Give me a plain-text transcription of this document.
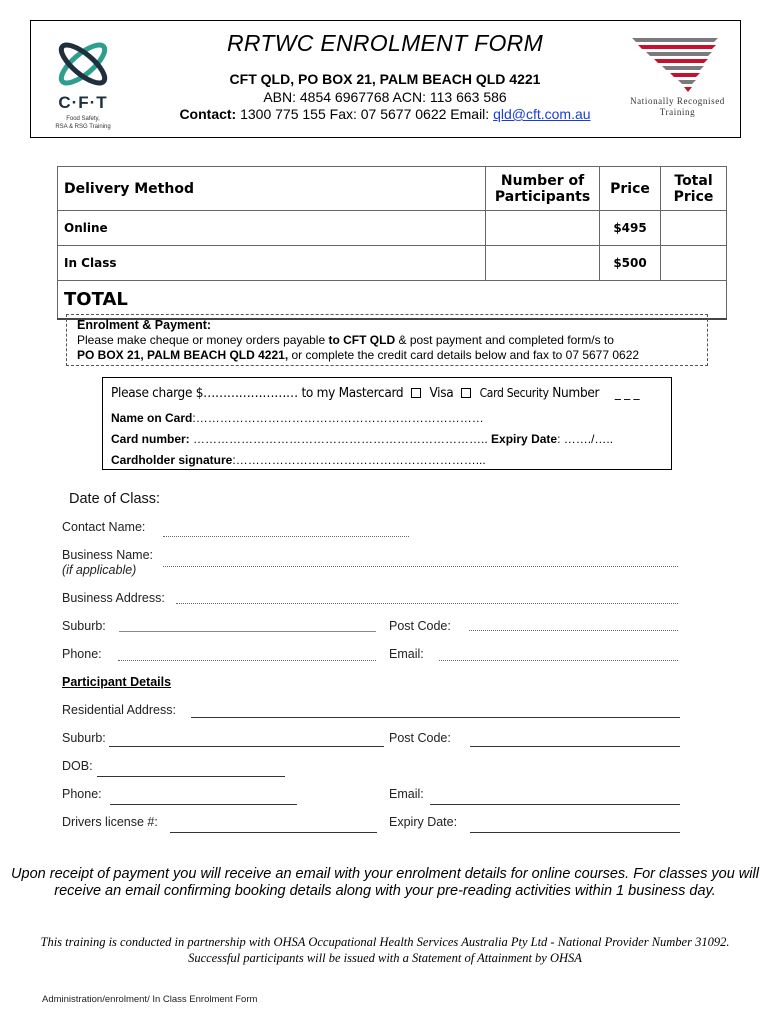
C·F·T
Food Safety,
RSA & RSG Training
RRTWC ENROLMENT FORM
CFT QLD, PO BOX 21, PALM BEACH QLD 4221
ABN: 4854 6967768 ACN: 113 663 586
Contact: 1300 775 155 Fax: 07 5677 0622 Email: qld@cft.com.au
Nationally Recognised
Training
Delivery Method	Number of Participants	Price	Total Price
Online		$495	
In Class		$500	
TOTAL			
Enrolment & Payment:
Please make cheque or money orders payable to CFT QLD & post payment and completed form/s to
PO BOX 21, PALM BEACH QLD 4221, or complete the credit card details below and fax to 07 5677 0622
Please charge $…………………… to my Mastercard Visa Card Security Number _ _ _
Name on Card:………………………………………………………………
Card number: ……………………………………………………………….. Expiry Date: ……./…..
Cardholder signature:……………………………………………………...
Date of Class:
Contact Name:
Business Name:
(if applicable)
Business Address:
Suburb:	Post Code:
Phone:	Email:
Participant Details
Residential Address:
Suburb:	Post Code:
DOB:
Phone:	Email:
Drivers license #:	Expiry Date:
Upon receipt of payment you will receive an email with your enrolment details for online courses. For classes you will receive an email confirming booking details along with your pre-reading activities within 1 business day.
This training is conducted in partnership with OHSA Occupational Health Services Australia Pty Ltd - National Provider Number 31092. Successful participants will be issued with a Statement of Attainment by OHSA
Administration/enrolment/ In Class Enrolment Form
